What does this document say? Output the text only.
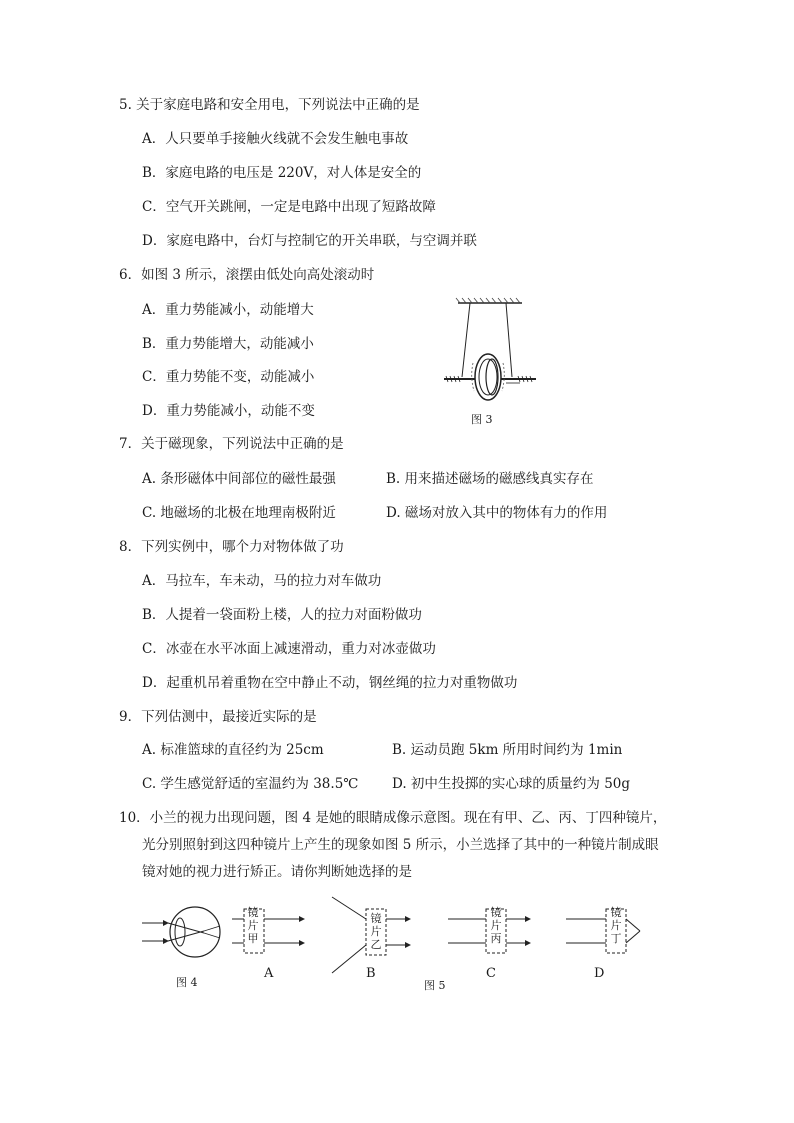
5. 关于家庭电路和安全用电，下列说法中正确的是
A．人只要单手接触火线就不会发生触电事故
B．家庭电路的电压是 220V，对人体是安全的
C．空气开关跳闸，一定是电路中出现了短路故障
D．家庭电路中，台灯与控制它的开关串联，与空调并联
6．如图 3 所示，滚摆由低处向高处滚动时
A．重力势能减小，动能增大
B．重力势能增大，动能减小
C．重力势能不变，动能减小
D．重力势能减小，动能不变
图 3
7．关于磁现象，下列说法中正确的是
A. 条形磁体中间部位的磁性最强	B. 用来描述磁场的磁感线真实存在
C. 地磁场的北极在地理南极附近	D. 磁场对放入其中的物体有力的作用
8．下列实例中，哪个力对物体做了功
A．马拉车，车未动，马的拉力对车做功
B．人提着一袋面粉上楼，人的拉力对面粉做功
C．冰壶在水平冰面上减速滑动，重力对冰壶做功
D．起重机吊着重物在空中静止不动，钢丝绳的拉力对重物做功
9．下列估测中，最接近实际的是
A. 标准篮球的直径约为 25cm	B. 运动员跑 5km 所用时间约为 1min
C. 学生感觉舒适的室温约为 38.5℃ D. 初中生投掷的实心球的质量约为 50g
10．小兰的视力出现问题，图 4 是她的眼睛成像示意图。现在有甲、乙、丙、丁四种镜片，
光分别照射到这四种镜片上产生的现象如图 5 所示，小兰选择了其中的一种镜片制成眼
镜对她的视力进行矫正。请你判断她选择的是
图 4
镜片甲
A
镜片乙
B
图 5
镜片丙
C
镜片丁
D
